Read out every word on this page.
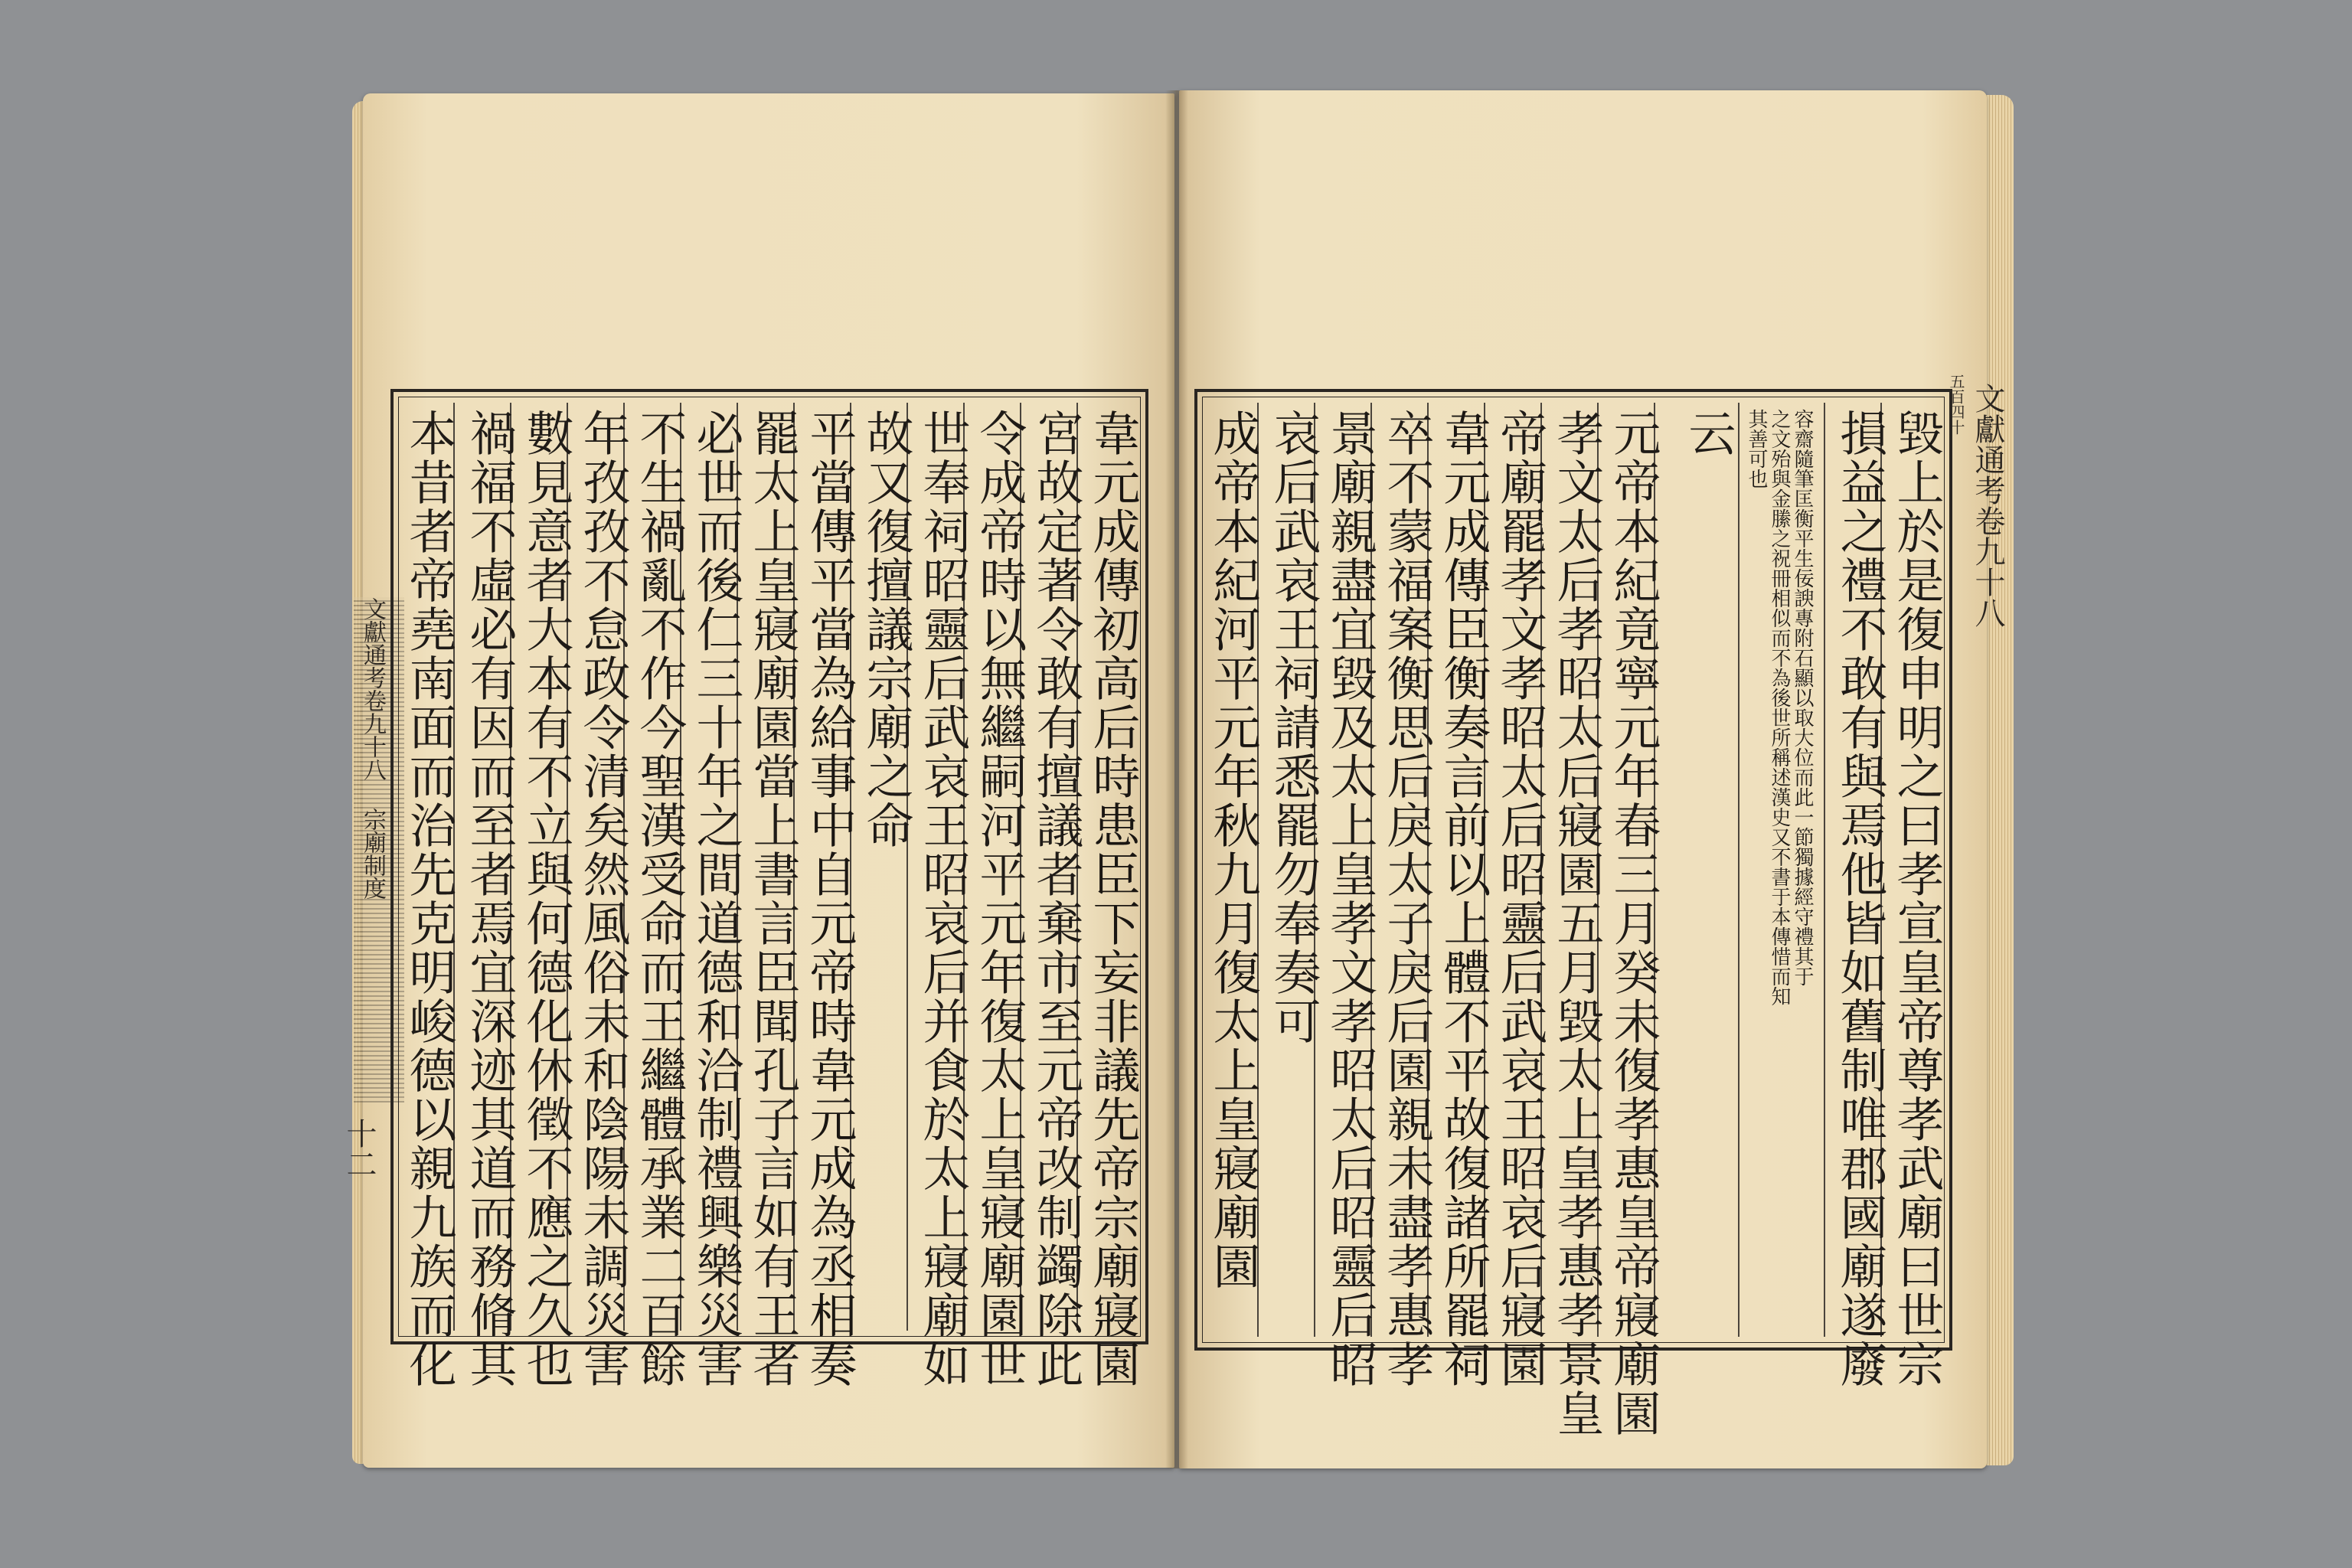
文獻通考卷九十八 宗廟制度
十二
文獻通考卷九十八
五百四十
韋元成傳初高后時患臣下妄非議先帝宗廟寢園
宮故定著令敢有擅議者棄市至元帝改制蠲除此
令成帝時以無繼嗣河平元年復太上皇寢廟園世
世奉祠昭靈后武哀王昭哀后并食於太上寢廟如
故又復擅議宗廟之命
平當傳平當為給事中自元帝時韋元成為丞相奏
罷太上皇寢廟園當上書言臣聞孔子言如有王者
必世而後仁三十年之間道德和洽制禮興樂災害
不生禍亂不作今聖漢受命而王繼體承業二百餘
年孜孜不怠政令清矣然風俗未和陰陽未調災害
數見意者大本有不立與何德化休徵不應之久也
禍福不虛必有因而至者焉宜深迹其道而務脩其
本昔者帝堯南面而治先克明峻德以親九族而化	毀上於是復申明之曰孝宣皇帝尊孝武廟曰世宗
損益之禮不敢有與焉他皆如舊制唯郡國廟遂廢
容齋隨筆匡衡平生佞諛專附石顯以取大位而此一節獨據經守禮其于
之文殆與金縢之祝冊相似而不為後世所稱述漢史又不書于本傳惜而知
其善可也
云
元帝本紀竟寧元年春三月癸未復孝惠皇帝寢廟園
孝文太后孝昭太后寢園五月毀太上皇孝惠孝景皇
帝廟罷孝文孝昭太后昭靈后武哀王昭哀后寢園
韋元成傳臣衡奏言前以上體不平故復諸所罷祠
卒不蒙福案衡思后戾太子戾后園親未盡孝惠孝
景廟親盡宜毀及太上皇孝文孝昭太后昭靈后昭
哀后武哀王祠請悉罷勿奉奏可
成帝本紀河平元年秋九月復太上皇寢廟園
